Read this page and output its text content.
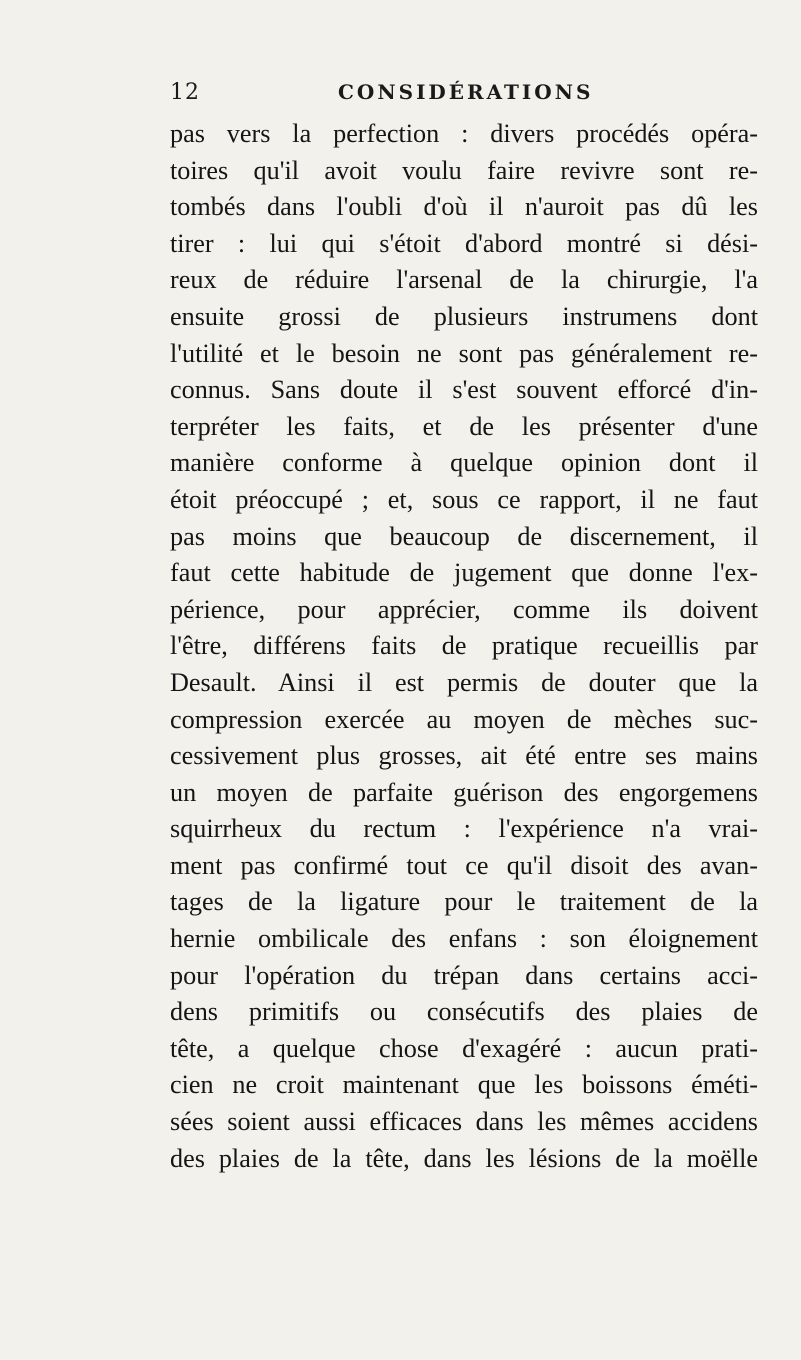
12	CONSIDÉRATIONS
pas vers la perfection : divers procédés opéra-
toires qu'il avoit voulu faire revivre sont re-
tombés dans l'oubli d'où il n'auroit pas dû les
tirer : lui qui s'étoit d'abord montré si dési-
reux de réduire l'arsenal de la chirurgie, l'a
ensuite grossi de plusieurs instrumens dont
l'utilité et le besoin ne sont pas généralement re-
connus. Sans doute il s'est souvent efforcé d'in-
terpréter les faits, et de les présenter d'une
manière conforme à quelque opinion dont il
étoit préoccupé ; et, sous ce rapport, il ne faut
pas moins que beaucoup de discernement, il
faut cette habitude de jugement que donne l'ex-
périence, pour apprécier, comme ils doivent
l'être, différens faits de pratique recueillis par
Desault. Ainsi il est permis de douter que la
compression exercée au moyen de mèches suc-
cessivement plus grosses, ait été entre ses mains
un moyen de parfaite guérison des engorgemens
squirrheux du rectum : l'expérience n'a vrai-
ment pas confirmé tout ce qu'il disoit des avan-
tages de la ligature pour le traitement de la
hernie ombilicale des enfans : son éloignement
pour l'opération du trépan dans certains acci-
dens primitifs ou consécutifs des plaies de
tête, a quelque chose d'exagéré : aucun prati-
cien ne croit maintenant que les boissons éméti-
sées soient aussi efficaces dans les mêmes accidens
des plaies de la tête, dans les lésions de la moëlle
